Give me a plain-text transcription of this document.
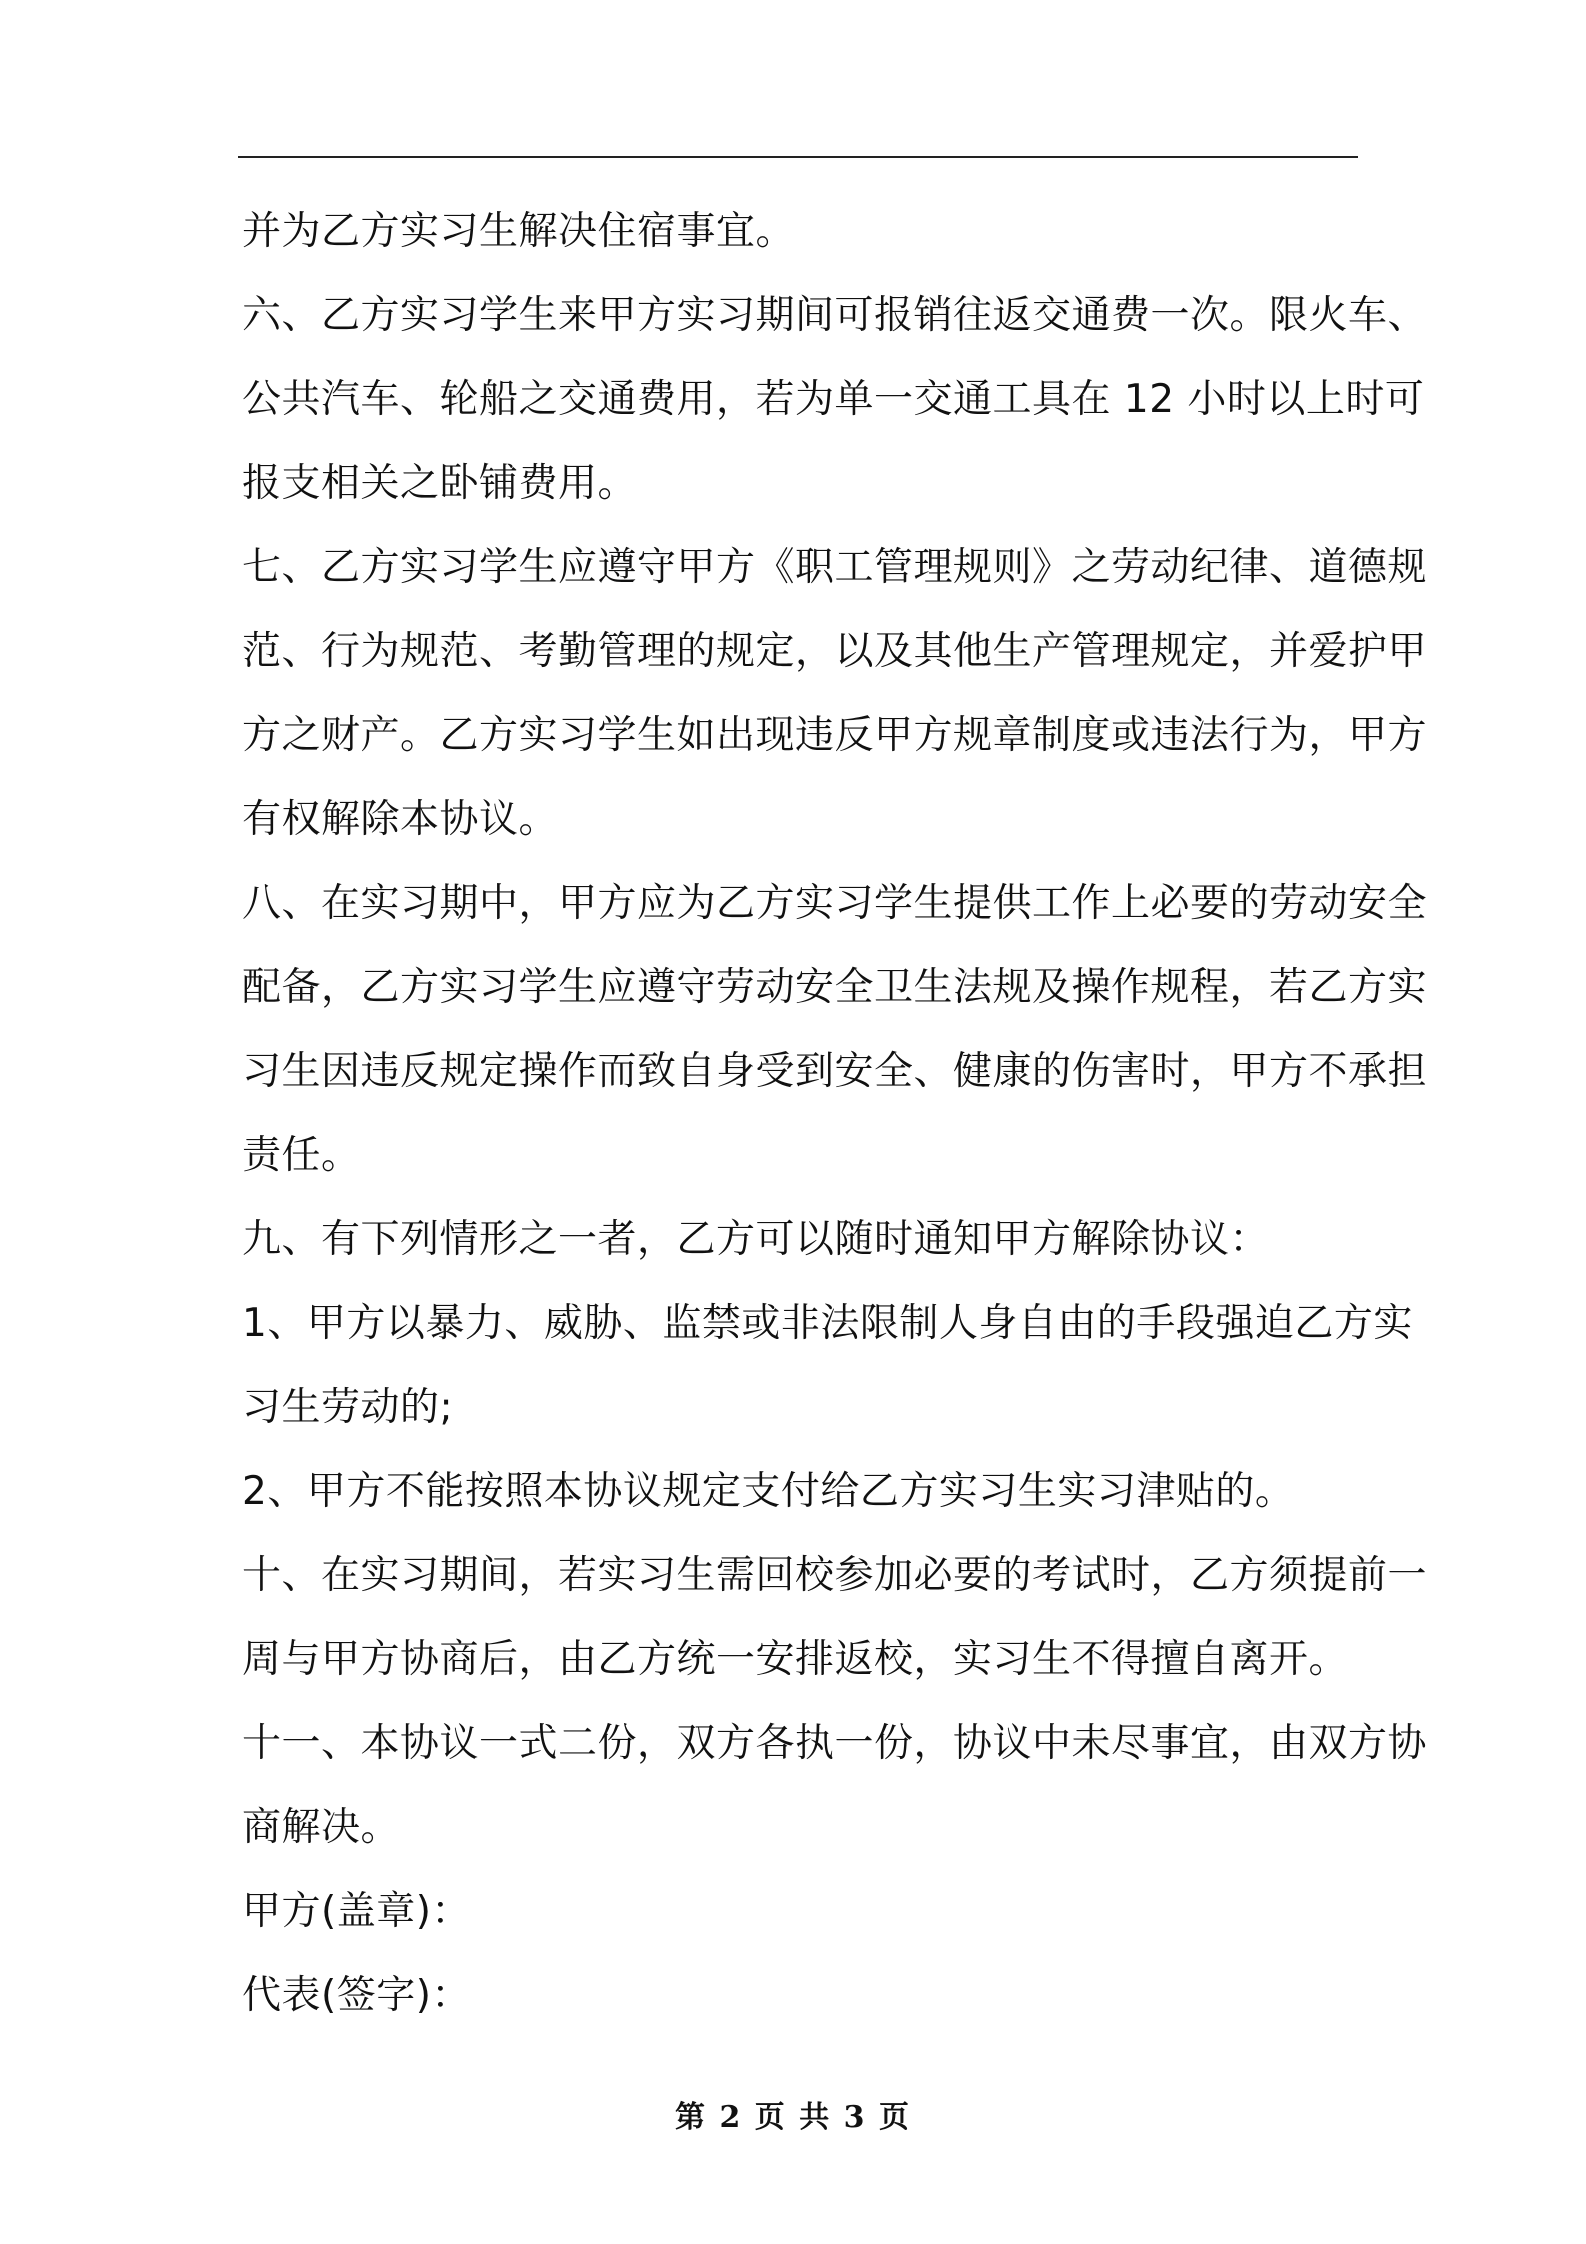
并为乙方实习生解决住宿事宜。
六、乙方实习学生来甲方实习期间可报销往返交通费一次。限火车、
公共汽车、轮船之交通费用，若为单一交通工具在 12 小时以上时可
报支相关之卧铺费用。
七、乙方实习学生应遵守甲方《职工管理规则》之劳动纪律、道德规
范、行为规范、考勤管理的规定，以及其他生产管理规定，并爱护甲
方之财产。乙方实习学生如出现违反甲方规章制度或违法行为，甲方
有权解除本协议。
八、在实习期中，甲方应为乙方实习学生提供工作上必要的劳动安全
配备，乙方实习学生应遵守劳动安全卫生法规及操作规程，若乙方实
习生因违反规定操作而致自身受到安全、健康的伤害时，甲方不承担
责任。
九、有下列情形之一者，乙方可以随时通知甲方解除协议：
1、甲方以暴力、威胁、监禁或非法限制人身自由的手段强迫乙方实
习生劳动的;
2、甲方不能按照本协议规定支付给乙方实习生实习津贴的。
十、在实习期间，若实习生需回校参加必要的考试时，乙方须提前一
周与甲方协商后，由乙方统一安排返校，实习生不得擅自离开。
十一、本协议一式二份，双方各执一份，协议中未尽事宜，由双方协
商解决。
甲方(盖章)：
代表(签字)：
第 2 页 共 3 页
